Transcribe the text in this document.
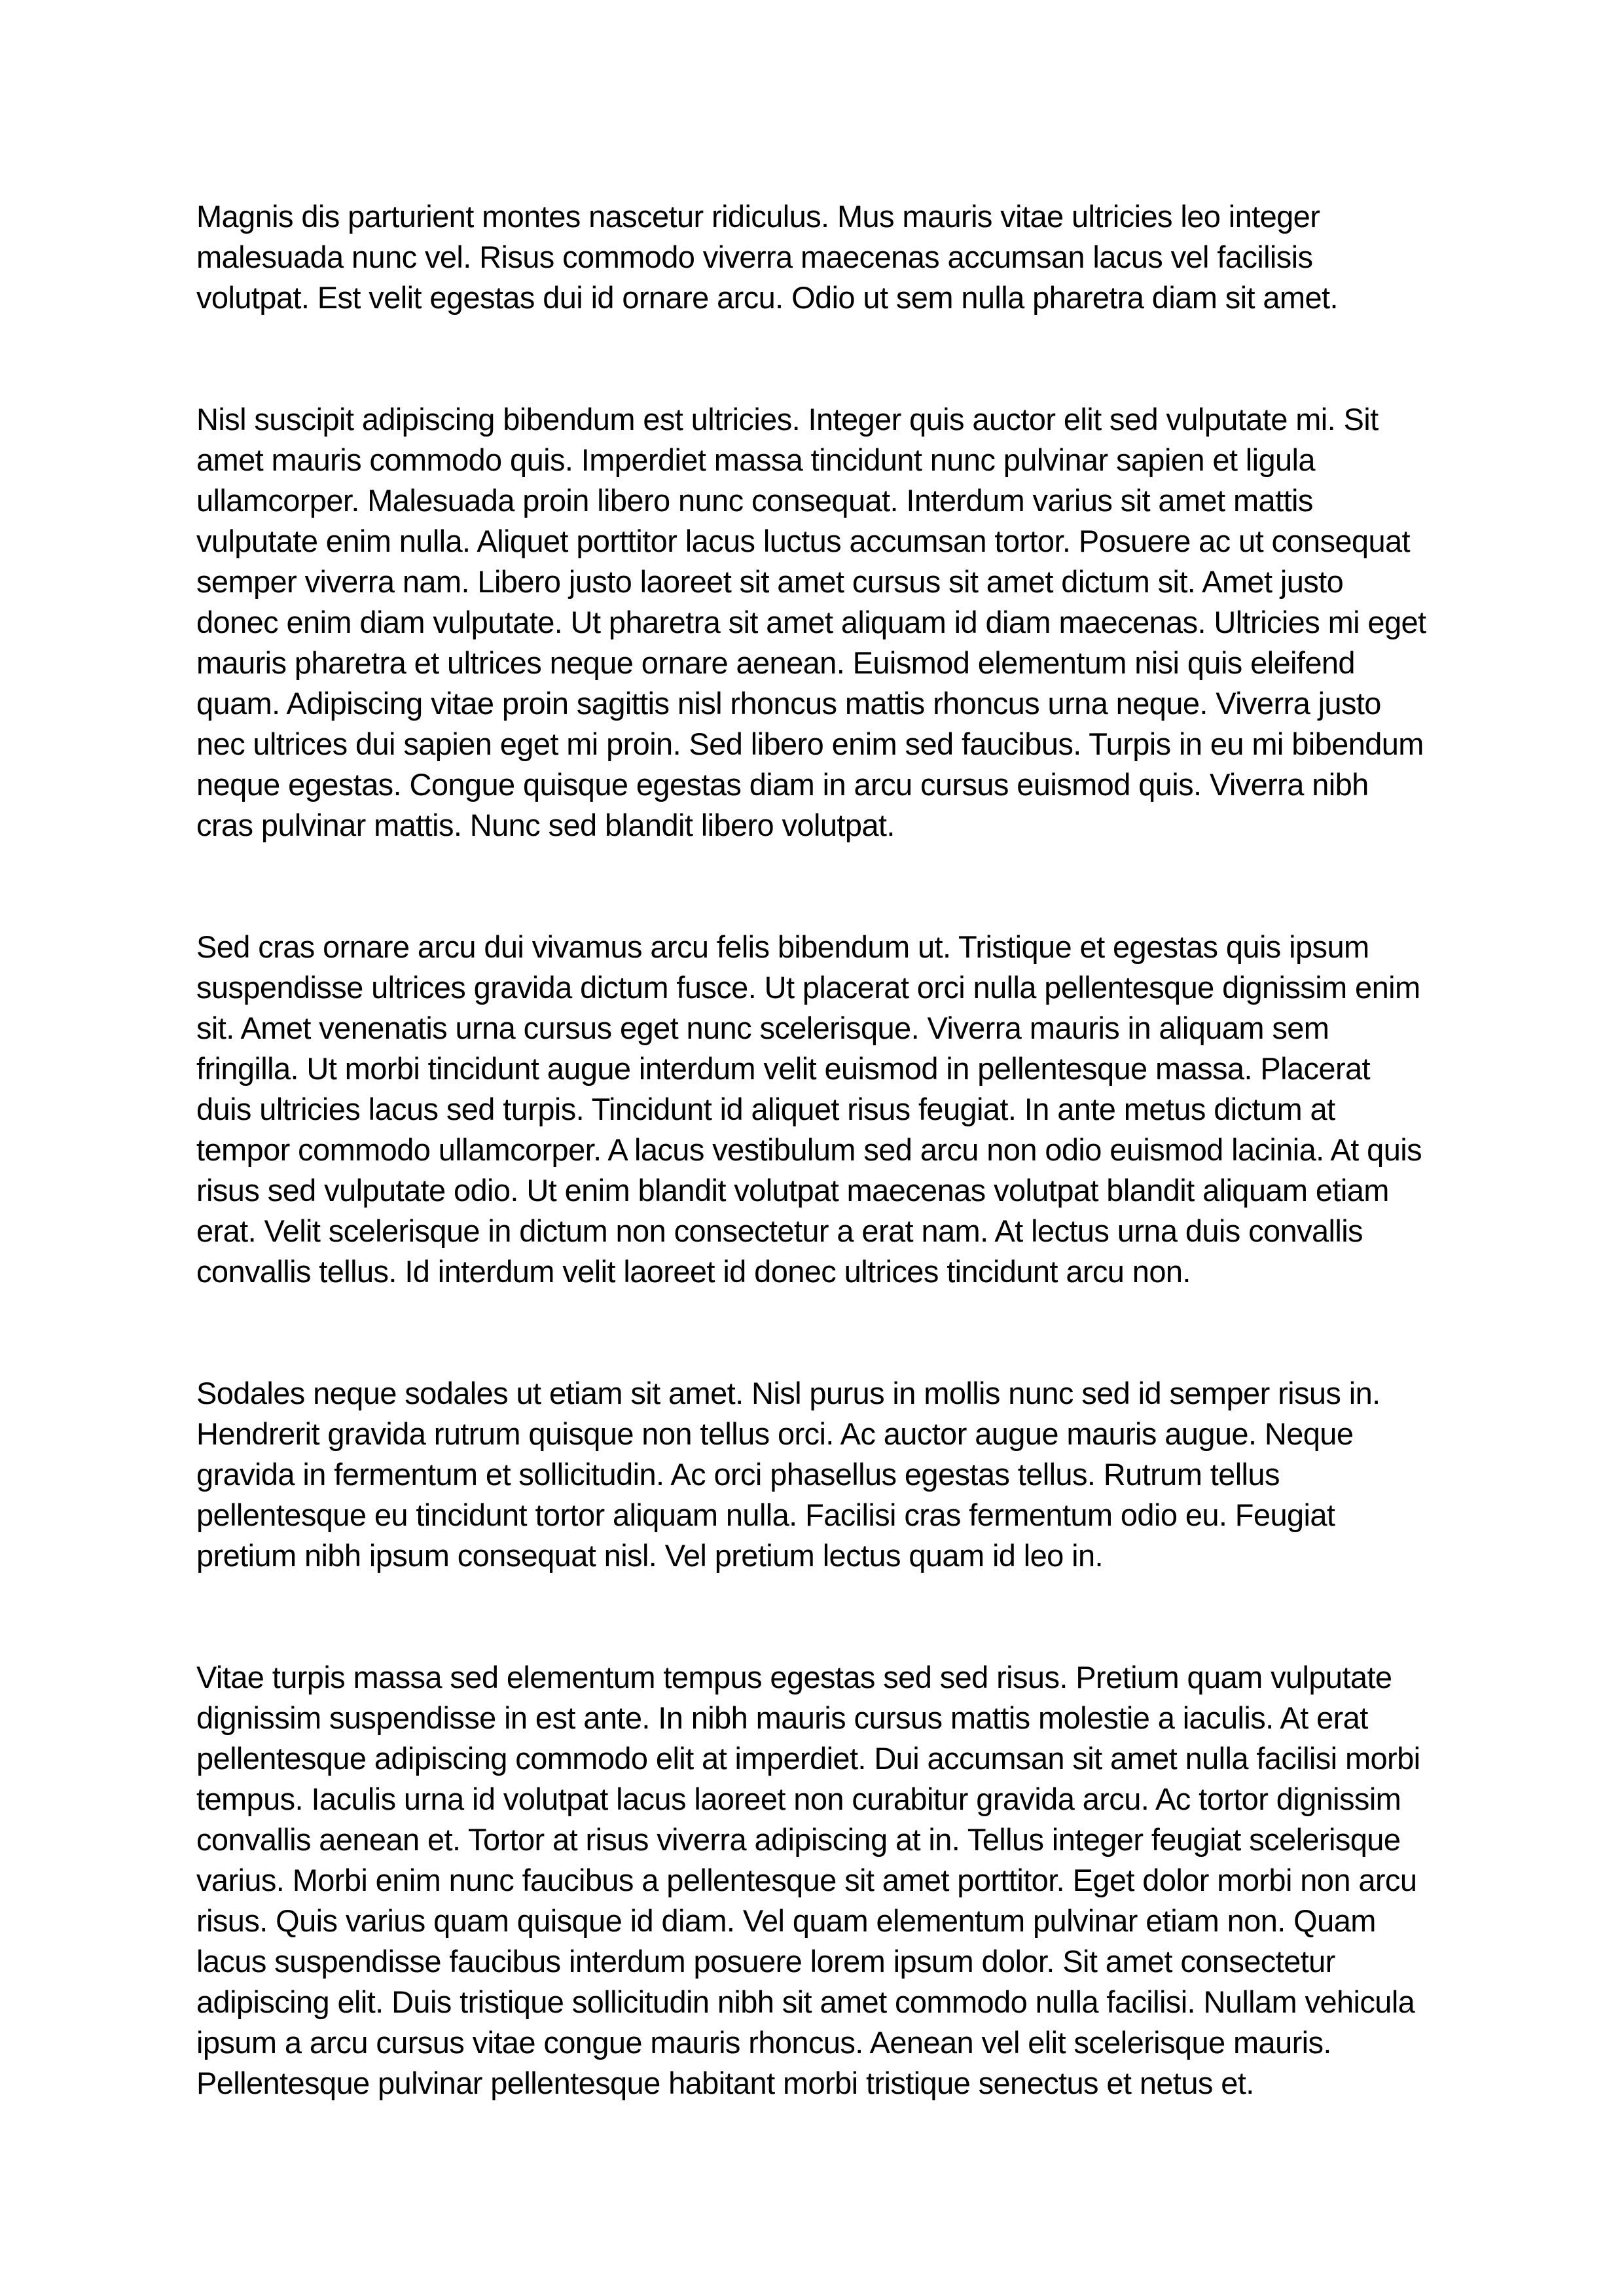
Magnis dis parturient montes nascetur ridiculus. Mus mauris vitae ultricies leo integer malesuada nunc vel. Risus commodo viverra maecenas accumsan lacus vel facilisis volutpat. Est velit egestas dui id ornare arcu. Odio ut sem nulla pharetra diam sit amet.

Nisl suscipit adipiscing bibendum est ultricies. Integer quis auctor elit sed vulputate mi. Sit amet mauris commodo quis. Imperdiet massa tincidunt nunc pulvinar sapien et ligula ullamcorper. Malesuada proin libero nunc consequat. Interdum varius sit amet mattis vulputate enim nulla. Aliquet porttitor lacus luctus accumsan tortor. Posuere ac ut consequat semper viverra nam. Libero justo laoreet sit amet cursus sit amet dictum sit. Amet justo donec enim diam vulputate. Ut pharetra sit amet aliquam id diam maecenas. Ultricies mi eget mauris pharetra et ultrices neque ornare aenean. Euismod elementum nisi quis eleifend quam. Adipiscing vitae proin sagittis nisl rhoncus mattis rhoncus urna neque. Viverra justo nec ultrices dui sapien eget mi proin. Sed libero enim sed faucibus. Turpis in eu mi bibendum neque egestas. Congue quisque egestas diam in arcu cursus euismod quis. Viverra nibh cras pulvinar mattis. Nunc sed blandit libero volutpat.

Sed cras ornare arcu dui vivamus arcu felis bibendum ut. Tristique et egestas quis ipsum suspendisse ultrices gravida dictum fusce. Ut placerat orci nulla pellentesque dignissim enim sit. Amet venenatis urna cursus eget nunc scelerisque. Viverra mauris in aliquam sem fringilla. Ut morbi tincidunt augue interdum velit euismod in pellentesque massa. Placerat duis ultricies lacus sed turpis. Tincidunt id aliquet risus feugiat. In ante metus dictum at tempor commodo ullamcorper. A lacus vestibulum sed arcu non odio euismod lacinia. At quis risus sed vulputate odio. Ut enim blandit volutpat maecenas volutpat blandit aliquam etiam erat. Velit scelerisque in dictum non consectetur a erat nam. At lectus urna duis convallis convallis tellus. Id interdum velit laoreet id donec ultrices tincidunt arcu non.

Sodales neque sodales ut etiam sit amet. Nisl purus in mollis nunc sed id semper risus in. Hendrerit gravida rutrum quisque non tellus orci. Ac auctor augue mauris augue. Neque gravida in fermentum et sollicitudin. Ac orci phasellus egestas tellus. Rutrum tellus pellentesque eu tincidunt tortor aliquam nulla. Facilisi cras fermentum odio eu. Feugiat pretium nibh ipsum consequat nisl. Vel pretium lectus quam id leo in.

Vitae turpis massa sed elementum tempus egestas sed sed risus. Pretium quam vulputate dignissim suspendisse in est ante. In nibh mauris cursus mattis molestie a iaculis. At erat pellentesque adipiscing commodo elit at imperdiet. Dui accumsan sit amet nulla facilisi morbi tempus. Iaculis urna id volutpat lacus laoreet non curabitur gravida arcu. Ac tortor dignissim convallis aenean et. Tortor at risus viverra adipiscing at in. Tellus integer feugiat scelerisque varius. Morbi enim nunc faucibus a pellentesque sit amet porttitor. Eget dolor morbi non arcu risus. Quis varius quam quisque id diam. Vel quam elementum pulvinar etiam non. Quam lacus suspendisse faucibus interdum posuere lorem ipsum dolor. Sit amet consectetur adipiscing elit. Duis tristique sollicitudin nibh sit amet commodo nulla facilisi. Nullam vehicula ipsum a arcu cursus vitae congue mauris rhoncus. Aenean vel elit scelerisque mauris. Pellentesque pulvinar pellentesque habitant morbi tristique senectus et netus et.
